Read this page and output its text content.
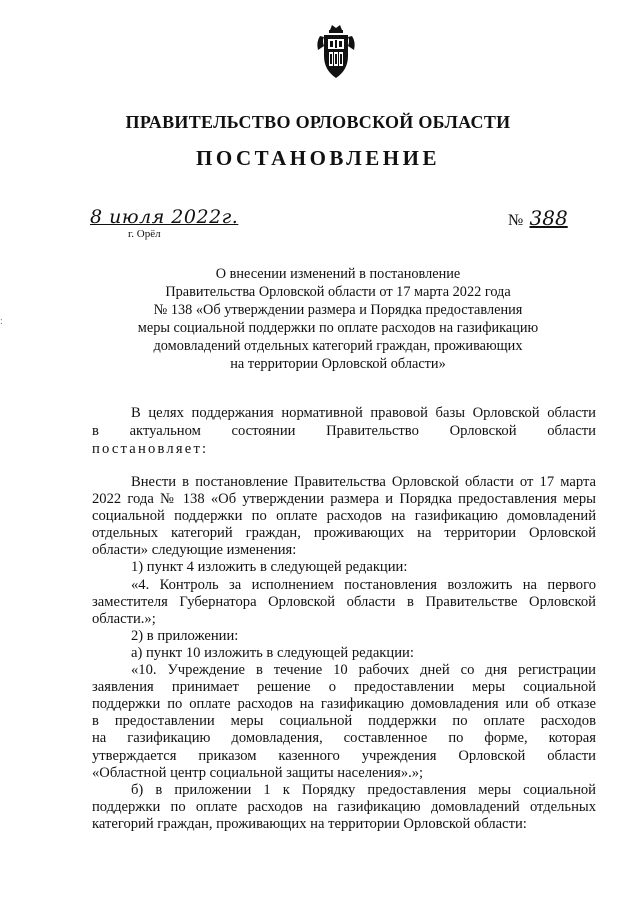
ПРАВИТЕЛЬСТВО ОРЛОВСКОЙ ОБЛАСТИ
ПОСТАНОВЛЕНИЕ
8 июля 2022г.
г. Орёл
№ 388
:
О внесении изменений в постановление
Правительства Орловской области от 17 марта 2022 года
№ 138 «Об утверждении размера и Порядка предоставления
меры социальной поддержки по оплате расходов на газификацию
домовладений отдельных категорий граждан, проживающих
на территории Орловской области»
В целях поддержания нормативной правовой базы Орловской области
в актуальном состоянии Правительство Орловской области
постановляет:
Внести в постановление Правительства Орловской области от 17 марта
2022 года № 138 «Об утверждении размера и Порядка предоставления меры
социальной поддержки по оплате расходов на газификацию домовладений
отдельных категорий граждан, проживающих на территории Орловской
области» следующие изменения:
1) пункт 4 изложить в следующей редакции:
«4. Контроль за исполнением постановления возложить на первого
заместителя Губернатора Орловской области в Правительстве Орловской
области.»;
2) в приложении:
а) пункт 10 изложить в следующей редакции:
«10. Учреждение в течение 10 рабочих дней со дня регистрации
заявления принимает решение о предоставлении меры социальной
поддержки по оплате расходов на газификацию домовладения или об отказе
в предоставлении меры социальной поддержки по оплате расходов
на газификацию домовладения, составленное по форме, которая
утверждается приказом казенного учреждения Орловской области
«Областной центр социальной защиты населения».»;
б) в приложении 1 к Порядку предоставления меры социальной
поддержки по оплате расходов на газификацию домовладений отдельных
категорий граждан, проживающих на территории Орловской области:
